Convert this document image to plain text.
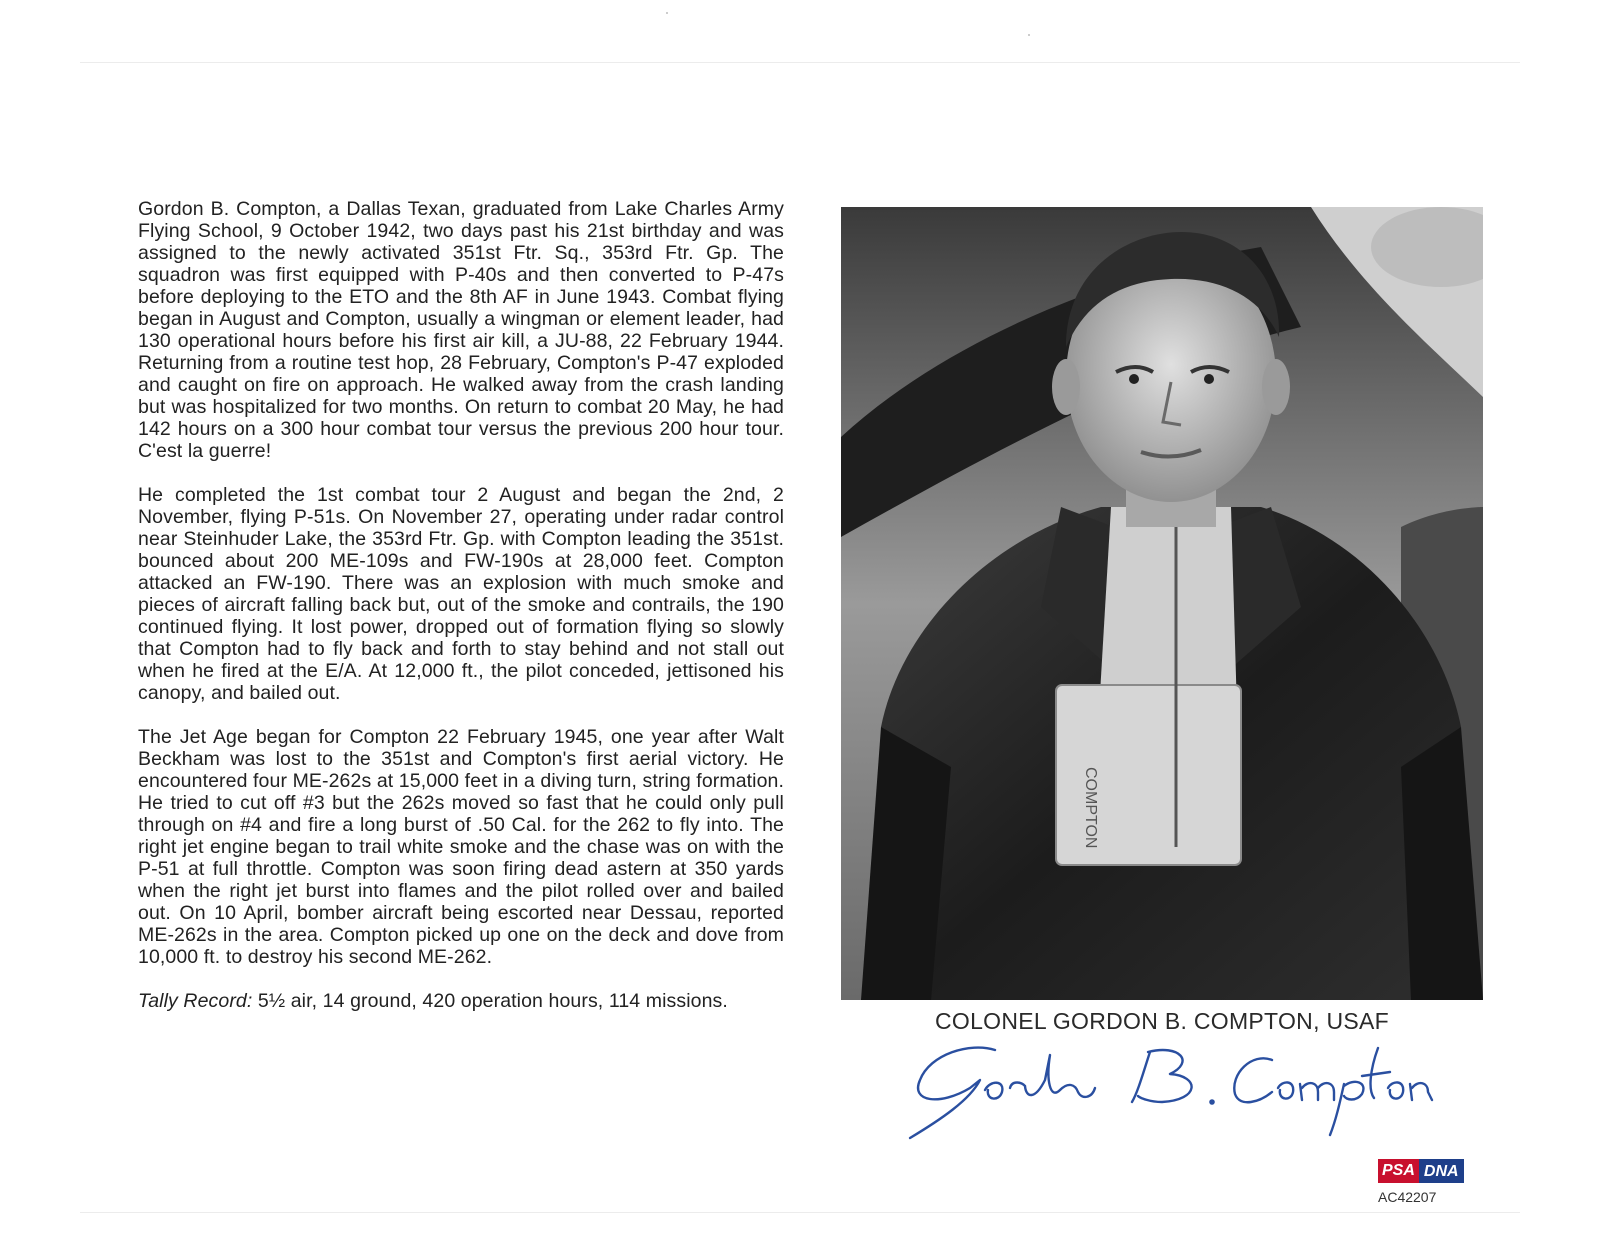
Gordon B. Compton, a Dallas Texan, graduated from Lake Charles Army Flying School, 9 October 1942, two days past his 21st birthday and was assigned to the newly activated 351st Ftr. Sq., 353rd Ftr. Gp. The squadron was first equipped with P-40s and then converted to P-47s before deploying to the ETO and the 8th AF in June 1943. Combat flying began in August and Compton, usually a wingman or element leader, had 130 operational hours before his first air kill, a JU-88, 22 February 1944. Returning from a routine test hop, 28 February, Compton's P-47 exploded and caught on fire on approach. He walked away from the crash landing but was hospitalized for two months. On return to combat 20 May, he had 142 hours on a 300 hour combat tour versus the previous 200 hour tour. C'est la guerre!

He completed the 1st combat tour 2 August and began the 2nd, 2 November, flying P-51s. On November 27, operating under radar control near Steinhuder Lake, the 353rd Ftr. Gp. with Compton leading the 351st. bounced about 200 ME-109s and FW-190s at 28,000 feet. Compton attacked an FW-190. There was an explosion with much smoke and pieces of aircraft falling back but, out of the smoke and contrails, the 190 continued flying. It lost power, dropped out of formation flying so slowly that Compton had to fly back and forth to stay behind and not stall out when he fired at the E/A. At 12,000 ft., the pilot conceded, jettisoned his canopy, and bailed out.

The Jet Age began for Compton 22 February 1945, one year after Walt Beckham was lost to the 351st and Compton's first aerial victory. He encountered four ME-262s at 15,000 feet in a diving turn, string formation. He tried to cut off #3 but the 262s moved so fast that he could only pull through on #4 and fire a long burst of .50 Cal. for the 262 to fly into. The right jet engine began to trail white smoke and the chase was on with the P-51 at full throttle. Compton was soon firing dead astern at 350 yards when the right jet burst into flames and the pilot rolled over and bailed out. On 10 April, bomber aircraft being escorted near Dessau, reported ME-262s in the area. Compton picked up one on the deck and dove from 10,000 ft. to destroy his second ME-262.

Tally Record: 5½ air, 14 ground, 420 operation hours, 114 missions.

COMPTON
COLONEL GORDON B. COMPTON, USAF
PSA DNA
AC42207
